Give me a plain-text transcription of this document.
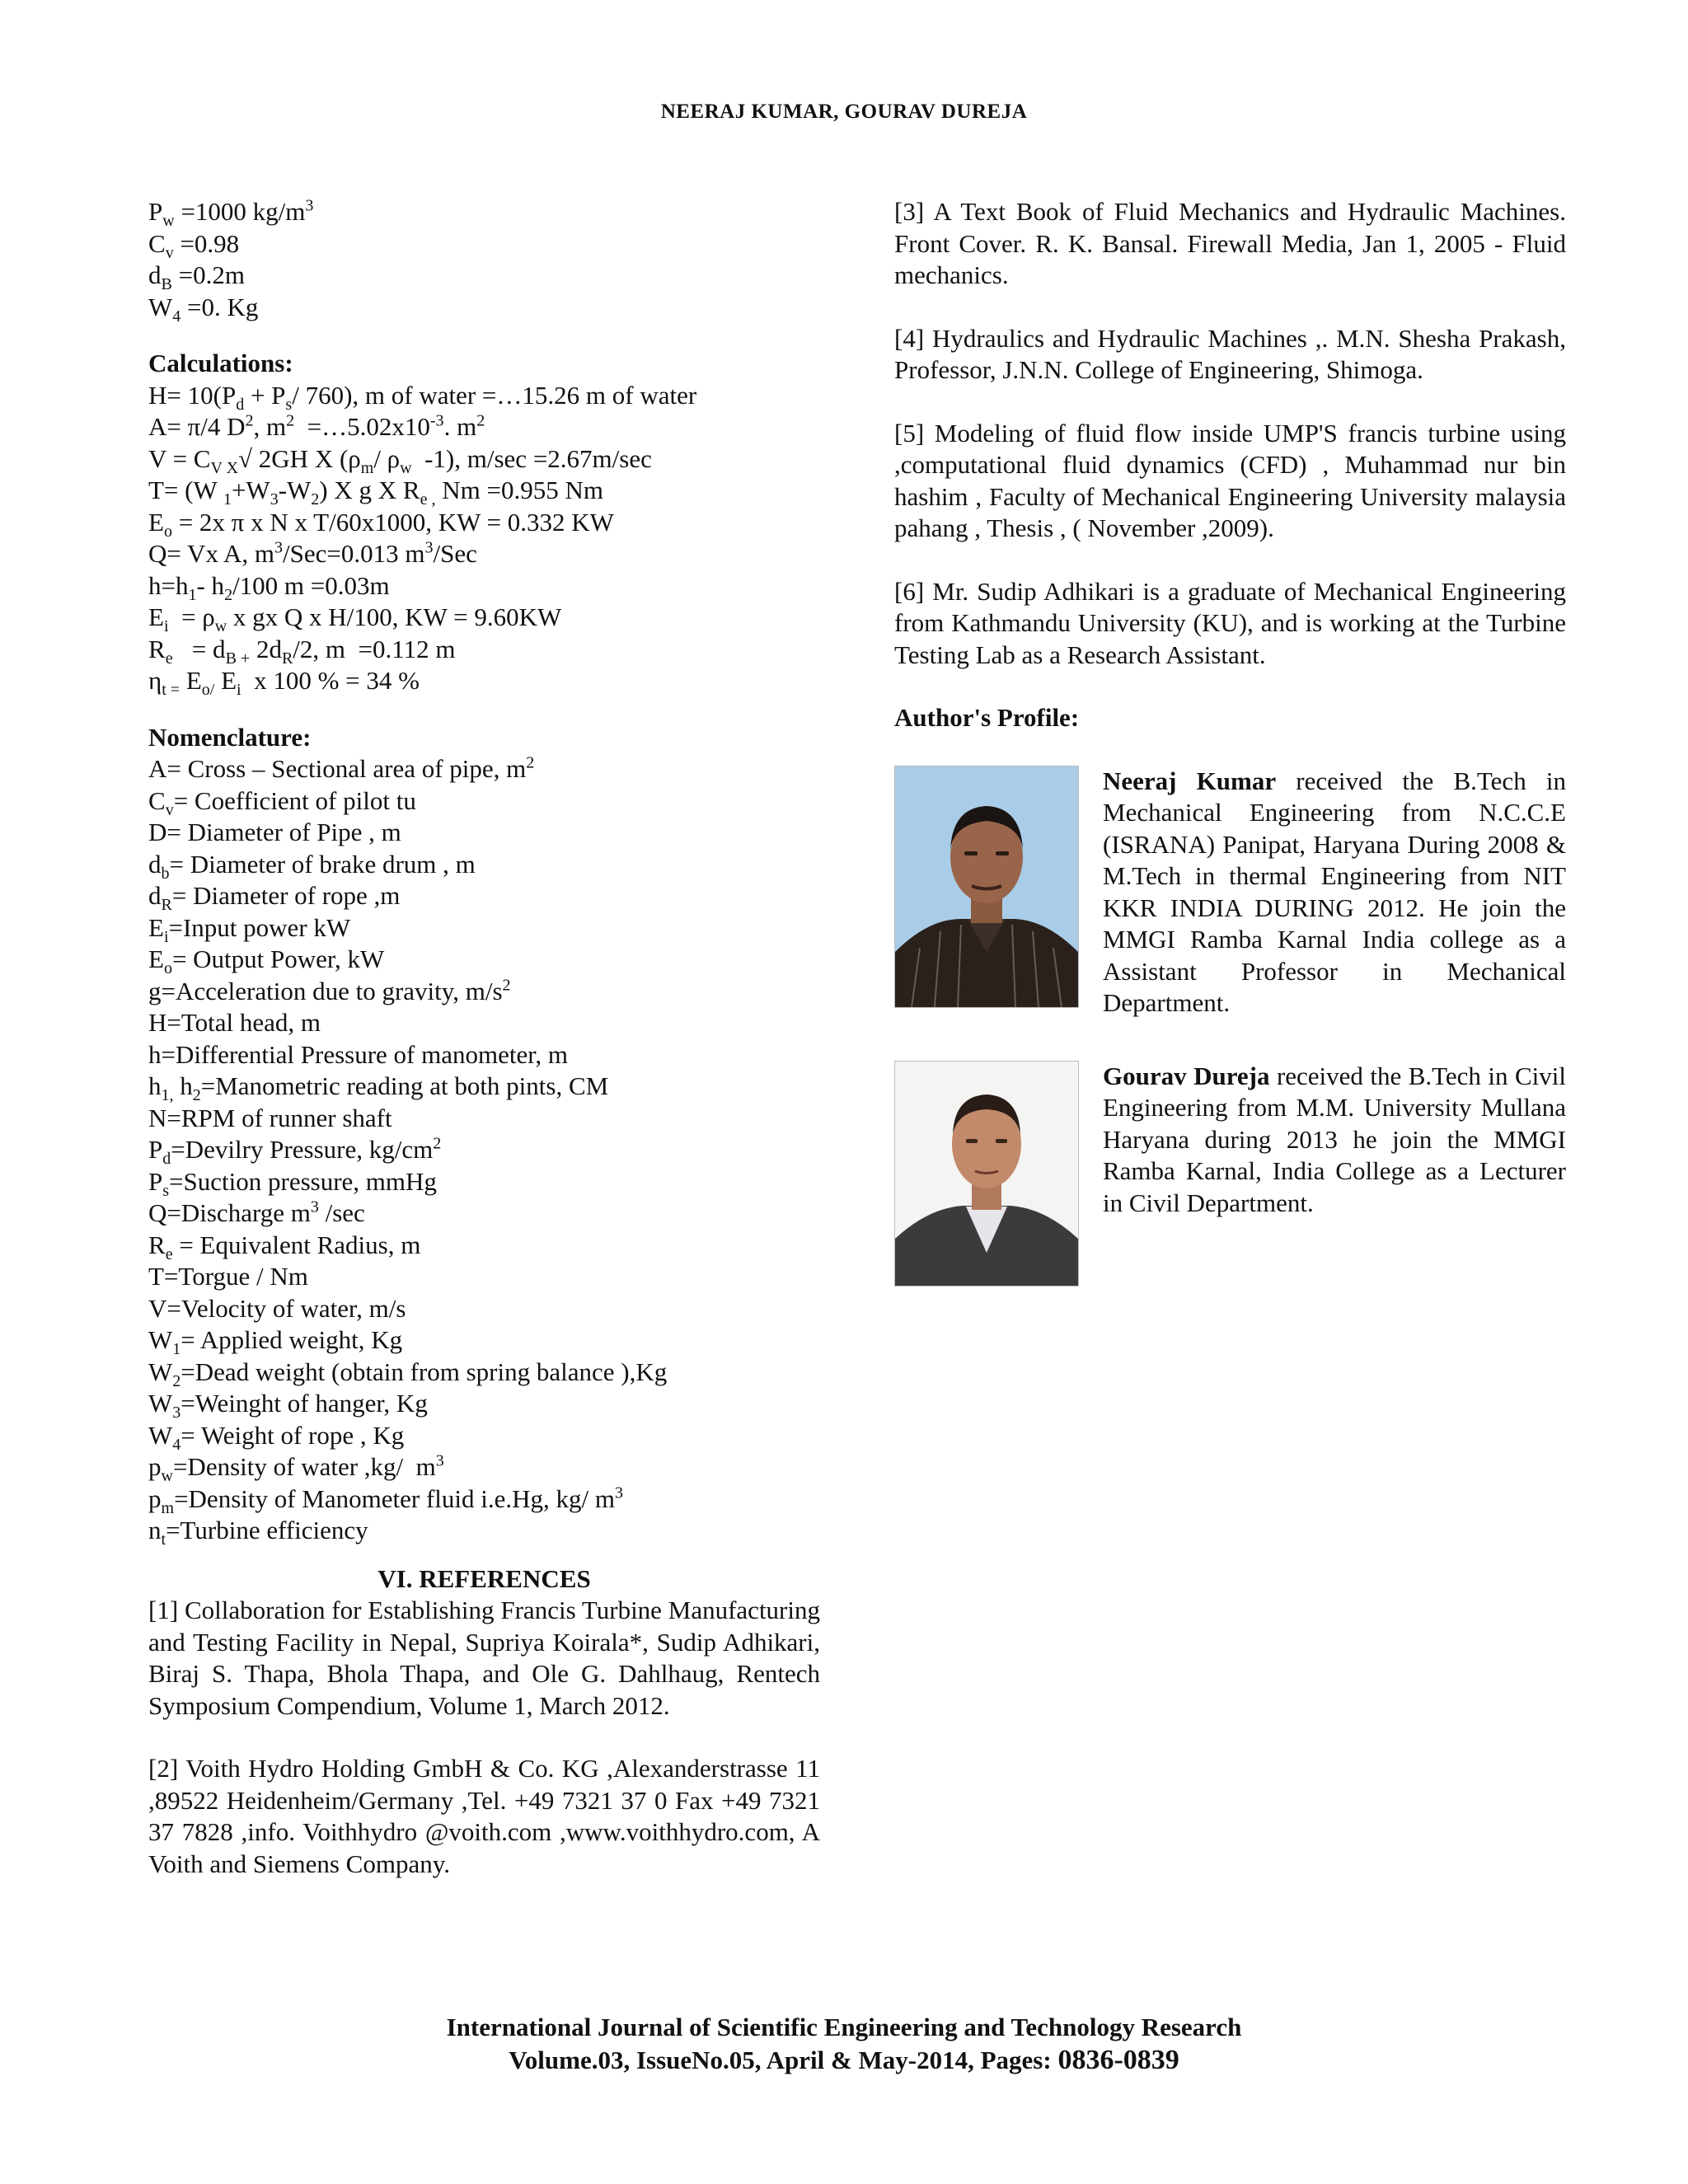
NEERAJ KUMAR, GOURAV DUREJA
$P_w =1000$ $kg/m^3$
$C_v =0.98$
$d_B =0.2m$
$W_4 =0$. Kg
Calculations:
$H= 10(P_d + P_s/$ 760), m of water =…15.26 m of water
A= π/4 $D^2$, $m^2$  $=\dots 5.02x10^{-3}$. $m^2$
$V = C_{V X}√$ 2GH X ($\rho_m/$ $\rho_w$  -1), m/sec =2.67m/sec
T= (W $_1+W_3-W_2$) X g X $R_{e ,}$ Nm =0.955 Nm
$E_o = 2x$ π x N x T/60x1000, KW = 0.332 KW
Q= Vx A, $m^3/Sec=0.013$ $m^3$/Sec
$h=h_1-$ $h_2/100$ m =0.03m
$E_i = \rho_w$ x gx Q x H/100, KW = 9.60KW
$R_e = d_{B +}$ $2d_R/2$, m  =0.112 m
$\eta_{t =}$ $E_{o/}$ $E_i$  x 100 % = 34 %
Nomenclature:
A= Cross – Sectional area of pipe, $m^2$
$C_v=$ Coefficient of pilot tu
D= Diameter of Pipe , m
$d_b=$ Diameter of brake drum , m
$d_R=$ Diameter of rope ,m
$E_i=Input$ power kW
$E_o=$ Output Power, kW
g=Acceleration due to gravity, $m/s^2$
H=Total head, m
h=Differential Pressure of manometer, m
$h_{1,}$ $h_2=Manometric$ reading at both pints, CM
N=RPM of runner shaft
$P_d=Devilry$ Pressure, $kg/cm^2$
$P_s=Suction$ pressure, mmHg
Q=Discharge $m^3$ /sec
$R_e$ = Equivalent Radius, m
T=Torgue / Nm
V=Velocity of water, m/s
$W_1=$ Applied weight, Kg
$W_2=Dead$ weight (obtain from spring balance ),Kg
$W_3=Weinght$ of hanger, Kg
$W_4=$ Weight of rope , Kg
$p_w=Density$ of water ,kg/  $m^3$
$p_m=Density$ of Manometer fluid i.e.Hg, kg/ $m^3$
$n_t=Turbine$ efficiency
VI. REFERENCES
[1] Collaboration for Establishing Francis Turbine Manufacturing and Testing Facility in Nepal, Supriya Koirala*, Sudip Adhikari, Biraj S. Thapa, Bhola Thapa, and Ole G. Dahlhaug, Rentech Symposium Compendium, Volume 1, March 2012.
[2] Voith Hydro Holding GmbH & Co. KG ,Alexanderstrasse 11 ,89522 Heidenheim/Germany ,Tel. +49 7321 37 0 Fax +49 7321 37 7828 ,info. Voithhydro @voith.com ,www.voithhydro.com, A Voith and Siemens Company.
[3] A Text Book of Fluid Mechanics and Hydraulic Machines. Front Cover. R. K. Bansal. Firewall Media, Jan 1, 2005 - Fluid mechanics.
[4] Hydraulics and Hydraulic Machines ,. M.N. Shesha Prakash, Professor, J.N.N. College of Engineering, Shimoga.
[5] Modeling of fluid flow inside UMP'S francis turbine using ,computational fluid dynamics (CFD) , Muhammad nur bin hashim , Faculty of Mechanical Engineering University malaysia pahang , Thesis , ( November ,2009).
[6] Mr. Sudip Adhikari is a graduate of Mechanical Engineering from Kathmandu University (KU), and is working at the Turbine Testing Lab as a Research Assistant.
Author's Profile:
Neeraj Kumar received the B.Tech in Mechanical Engineering from N.C.C.E (ISRANA) Panipat, Haryana During 2008 & M.Tech in thermal Engineering from NIT KKR INDIA DURING 2012. He join the MMGI Ramba Karnal India college as a Assistant Professor in Mechanical Department.
Gourav Dureja received the B.Tech in Civil Engineering from M.M. University Mullana Haryana during 2013 he join the MMGI Ramba Karnal, India College as a Lecturer in Civil Department.
International Journal of Scientific Engineering and Technology Research
Volume.03, IssueNo.05, April & May-2014, Pages: 0836-0839
